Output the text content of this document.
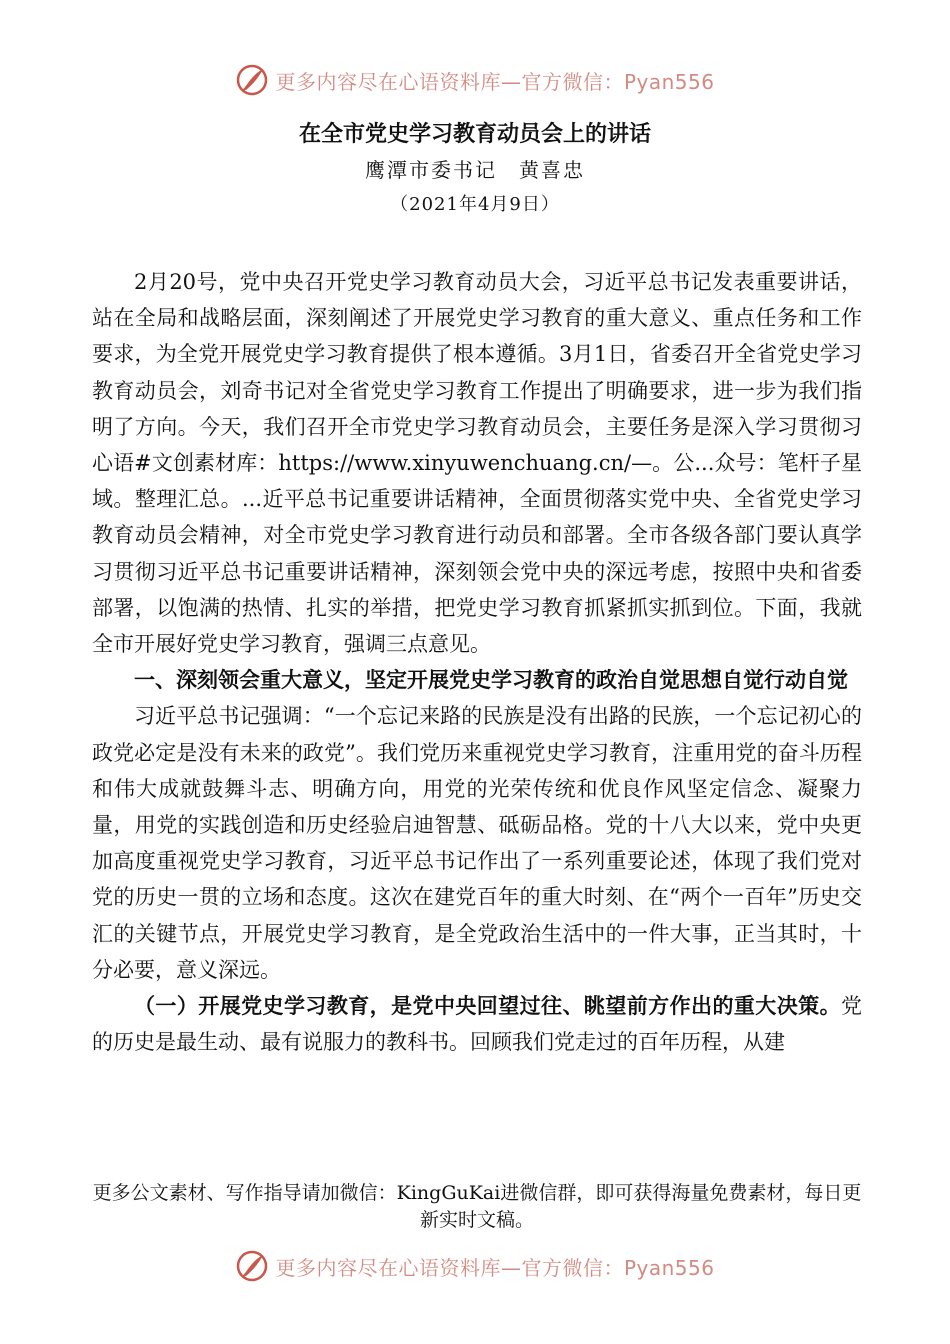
更多内容尽在心语资料库—官方微信：Pyan556
在全市党史学习教育动员会上的讲话
鹰潭市委书记　黄喜忠
（2021年4月9日）

2月20号，党中央召开党史学习教育动员大会，习近平总书记发表重要讲话，站在全局和战略层面，深刻阐述了开展党史学习教育的重大意义、重点任务和工作要求，为全党开展党史学习教育提供了根本遵循。3月1日，省委召开全省党史学习教育动员会，刘奇书记对全省党史学习教育工作提出了明确要求，进一步为我们指明了方向。今天，我们召开全市党史学习教育动员会，主要任务是深入学习贯彻习心语#文创素材库：https://www.xinyuwenchuang.cn/—。公...众号：笔杆子星域。整理汇总。...近平总书记重要讲话精神，全面贯彻落实党中央、全省党史学习教育动员会精神，对全市党史学习教育进行动员和部署。全市各级各部门要认真学习贯彻习近平总书记重要讲话精神，深刻领会党中央的深远考虑，按照中央和省委部署，以饱满的热情、扎实的举措，把党史学习教育抓紧抓实抓到位。下面，我就全市开展好党史学习教育，强调三点意见。

一、深刻领会重大意义，坚定开展党史学习教育的政治自觉思想自觉行动自觉

习近平总书记强调：“一个忘记来路的民族是没有出路的民族，一个忘记初心的政党必定是没有未来的政党”。我们党历来重视党史学习教育，注重用党的奋斗历程和伟大成就鼓舞斗志、明确方向，用党的光荣传统和优良作风坚定信念、凝聚力量，用党的实践创造和历史经验启迪智慧、砥砺品格。党的十八大以来，党中央更加高度重视党史学习教育，习近平总书记作出了一系列重要论述，体现了我们党对党的历史一贯的立场和态度。这次在建党百年的重大时刻、在“两个一百年”历史交汇的关键节点，开展党史学习教育，是全党政治生活中的一件大事，正当其时，十分必要，意义深远。

（一）开展党史学习教育，是党中央回望过往、眺望前方作出的重大决策。党的历史是最生动、最有说服力的教科书。回顾我们党走过的百年历程，从建

更多公文素材、写作指导请加微信：KingGuKai进微信群，即可获得海量免费素材，每日更新实时文稿。
更多内容尽在心语资料库—官方微信：Pyan556
